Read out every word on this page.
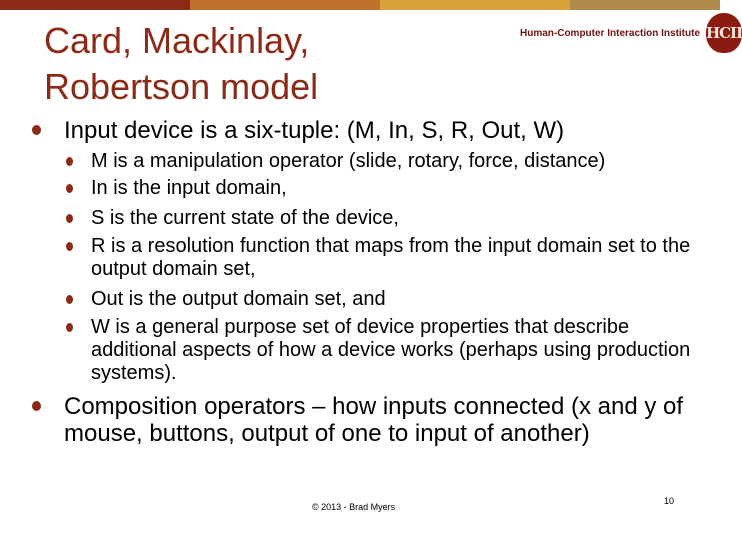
Card, Mackinlay,
Robertson model
Human-Computer Interaction Institute HCII
Input device is a six-tuple: (M, In, S, R, Out, W)
M is a manipulation operator (slide, rotary, force, distance)
In is the input domain,
S is the current state of the device,
R is a resolution function that maps from the input domain set to the output domain set,
Out is the output domain set, and
W is a general purpose set of device properties that describe additional aspects of how a device works (perhaps using production systems).
Composition operators – how inputs connected (x and y of mouse, buttons, output of one to input of another)
© 2013 - Brad Myers
10
